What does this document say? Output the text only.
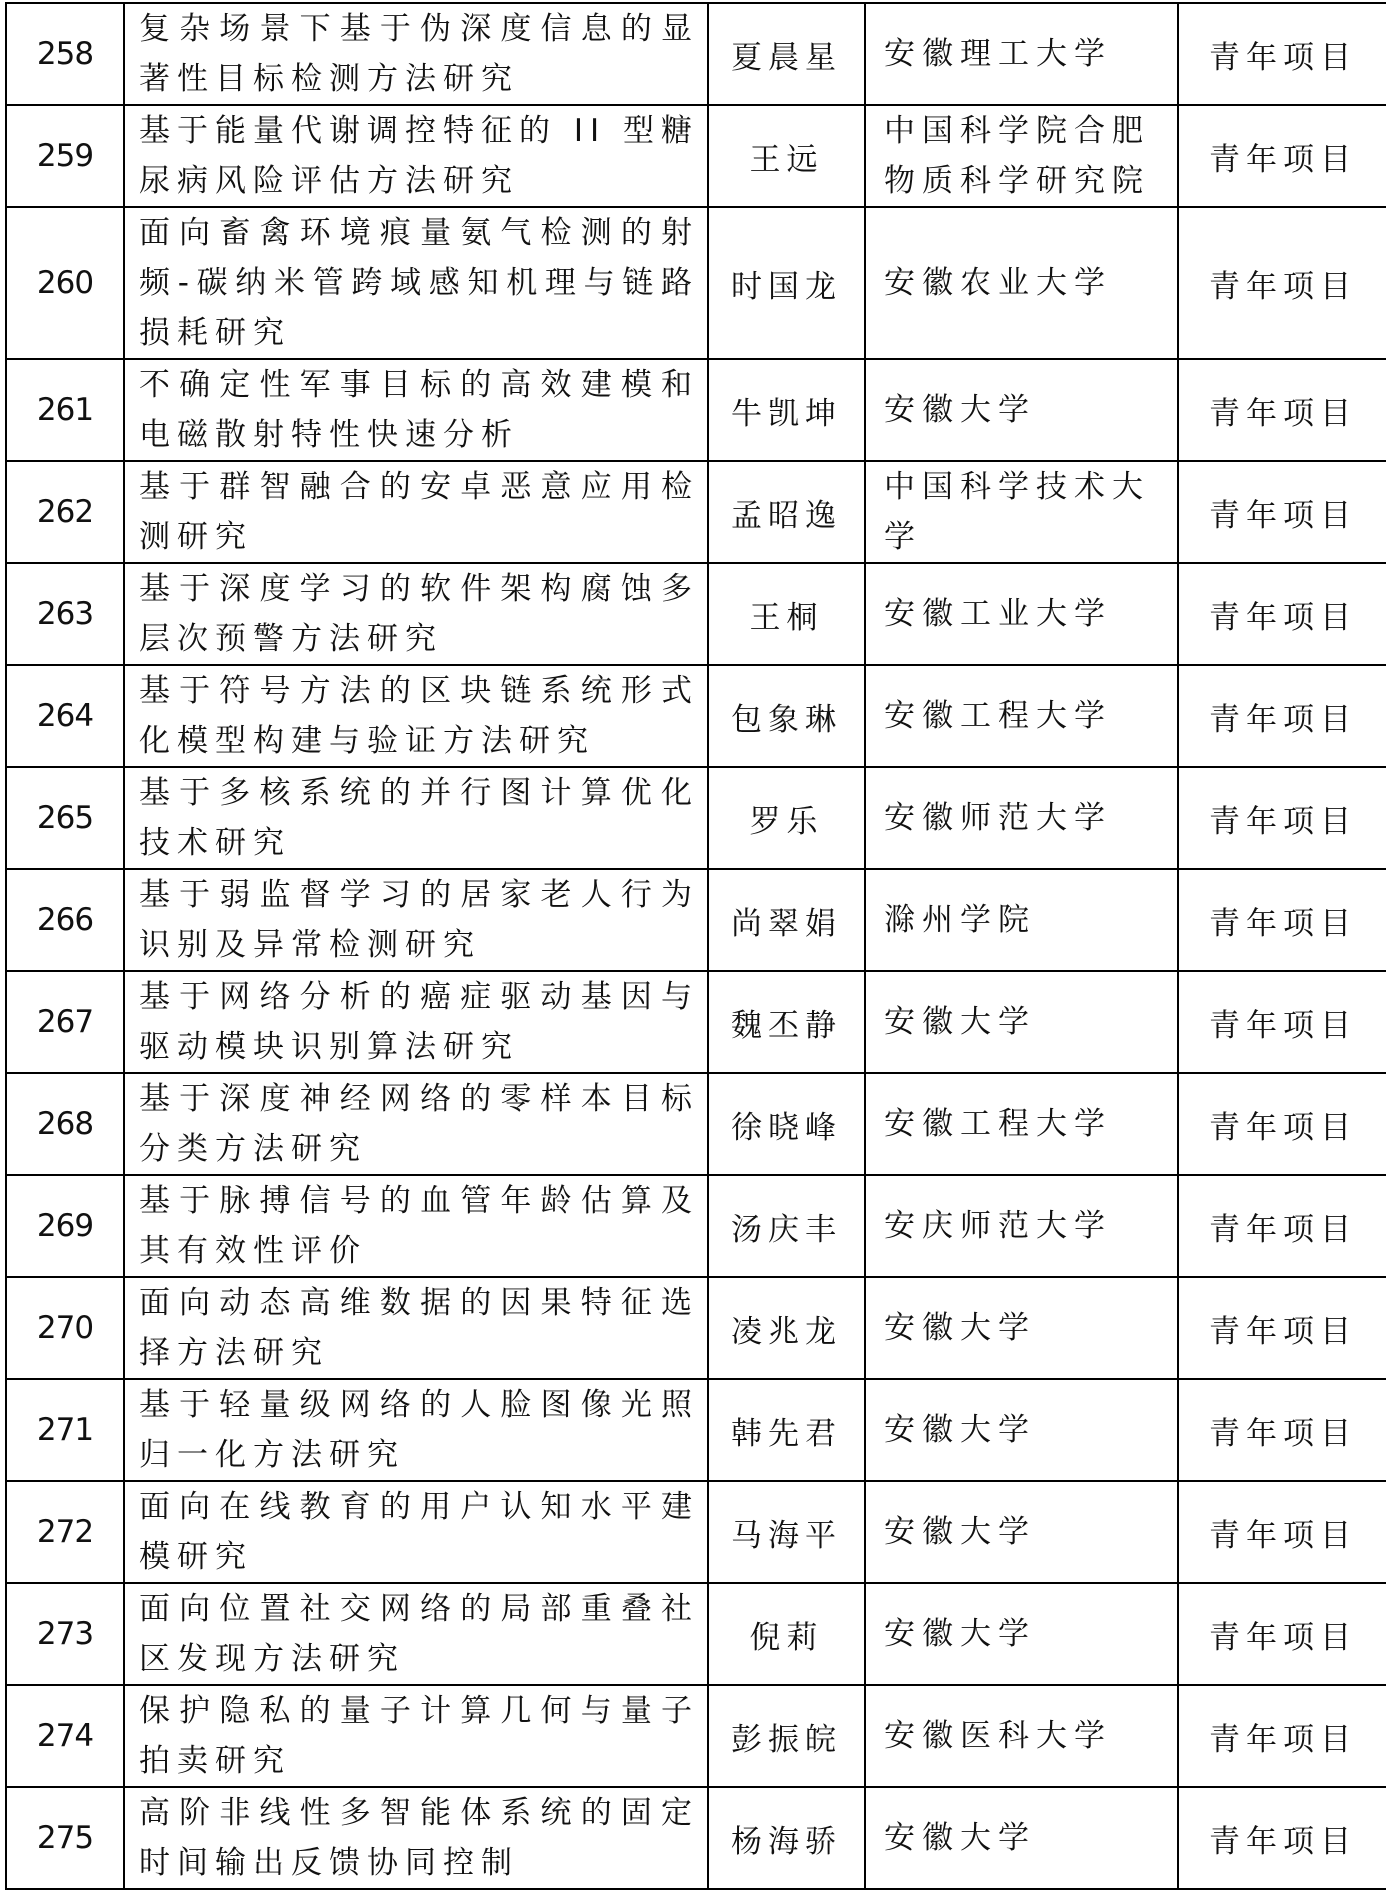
258	复杂场景下基于伪深度信息的显著性目标检测方法研究	夏晨星	安徽理工大学	青年项目
259	基于能量代谢调控特征的 II 型糖尿病风险评估方法研究	王远	中国科学院合肥物质科学研究院	青年项目
260	面向畜禽环境痕量氨气检测的射频-碳纳米管跨域感知机理与链路损耗研究	时国龙	安徽农业大学	青年项目
261	不确定性军事目标的高效建模和电磁散射特性快速分析	牛凯坤	安徽大学	青年项目
262	基于群智融合的安卓恶意应用检测研究	孟昭逸	中国科学技术大学	青年项目
263	基于深度学习的软件架构腐蚀多层次预警方法研究	王桐	安徽工业大学	青年项目
264	基于符号方法的区块链系统形式化模型构建与验证方法研究	包象琳	安徽工程大学	青年项目
265	基于多核系统的并行图计算优化技术研究	罗乐	安徽师范大学	青年项目
266	基于弱监督学习的居家老人行为识别及异常检测研究	尚翠娟	滁州学院	青年项目
267	基于网络分析的癌症驱动基因与驱动模块识别算法研究	魏丕静	安徽大学	青年项目
268	基于深度神经网络的零样本目标分类方法研究	徐晓峰	安徽工程大学	青年项目
269	基于脉搏信号的血管年龄估算及其有效性评价	汤庆丰	安庆师范大学	青年项目
270	面向动态高维数据的因果特征选择方法研究	凌兆龙	安徽大学	青年项目
271	基于轻量级网络的人脸图像光照归一化方法研究	韩先君	安徽大学	青年项目
272	面向在线教育的用户认知水平建模研究	马海平	安徽大学	青年项目
273	面向位置社交网络的局部重叠社区发现方法研究	倪莉	安徽大学	青年项目
274	保护隐私的量子计算几何与量子拍卖研究	彭振皖	安徽医科大学	青年项目
275	高阶非线性多智能体系统的固定时间输出反馈协同控制	杨海骄	安徽大学	青年项目
